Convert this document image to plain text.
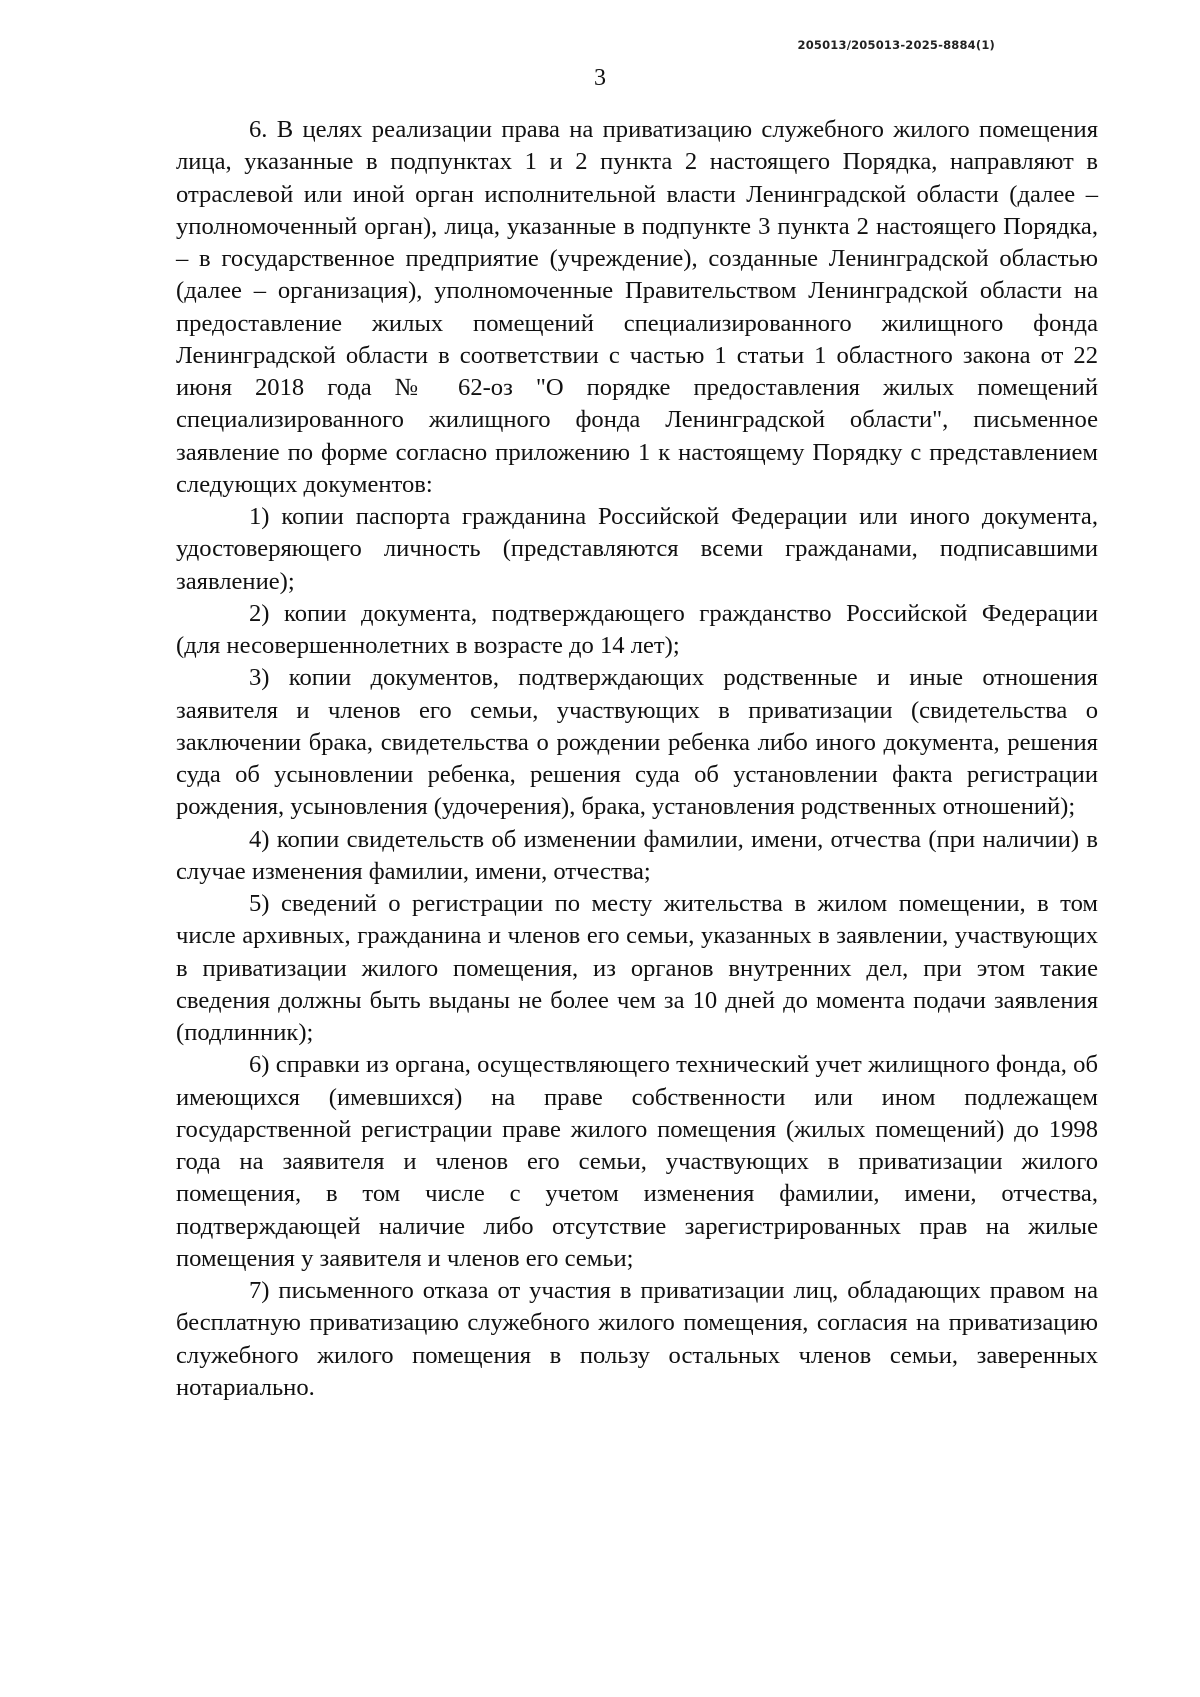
205013/205013-2025-8884(1)
3

6. В целях реализации права на приватизацию служебного жилого помещения лица, указанные в подпунктах 1 и 2 пункта 2 настоящего Порядка, направляют в отраслевой или иной орган исполнительной власти Ленинградской области (далее – уполномоченный орган), лица, указанные в подпункте 3 пункта 2 настоящего Порядка, – в государственное предприятие (учреждение), созданные Ленинградской областью (далее – организация), уполномоченные Правительством Ленинградской области на предоставление жилых помещений специализированного жилищного фонда Ленинградской области в соответствии с частью 1 статьи 1 областного закона от 22 июня 2018 года № 62-оз "О порядке предоставления жилых помещений специализированного жилищного фонда Ленинградской области", письменное заявление по форме согласно приложению 1 к настоящему Порядку с представлением следующих документов:

1) копии паспорта гражданина Российской Федерации или иного документа, удостоверяющего личность (представляются всеми гражданами, подписавшими заявление);

2) копии документа, подтверждающего гражданство Российской Федерации (для несовершеннолетних в возрасте до 14 лет);

3) копии документов, подтверждающих родственные и иные отношения заявителя и членов его семьи, участвующих в приватизации (свидетельства о заключении брака, свидетельства о рождении ребенка либо иного документа, решения суда об усыновлении ребенка, решения суда об установлении факта регистрации рождения, усыновления (удочерения), брака, установления родственных отношений);

4) копии свидетельств об изменении фамилии, имени, отчества (при наличии) в случае изменения фамилии, имени, отчества;

5) сведений о регистрации по месту жительства в жилом помещении, в том числе архивных, гражданина и членов его семьи, указанных в заявлении, участвующих в приватизации жилого помещения, из органов внутренних дел, при этом такие сведения должны быть выданы не более чем за 10 дней до момента подачи заявления (подлинник);

6) справки из органа, осуществляющего технический учет жилищного фонда, об имеющихся (имевшихся) на праве собственности или ином подлежащем государственной регистрации праве жилого помещения (жилых помещений) до 1998 года на заявителя и членов его семьи, участвующих в приватизации жилого помещения, в том числе с учетом изменения фамилии, имени, отчества, подтверждающей наличие либо отсутствие зарегистрированных прав на жилые помещения у заявителя и членов его семьи;

7) письменного отказа от участия в приватизации лиц, обладающих правом на бесплатную приватизацию служебного жилого помещения, согласия на приватизацию служебного жилого помещения в пользу остальных членов семьи, заверенных нотариально.
